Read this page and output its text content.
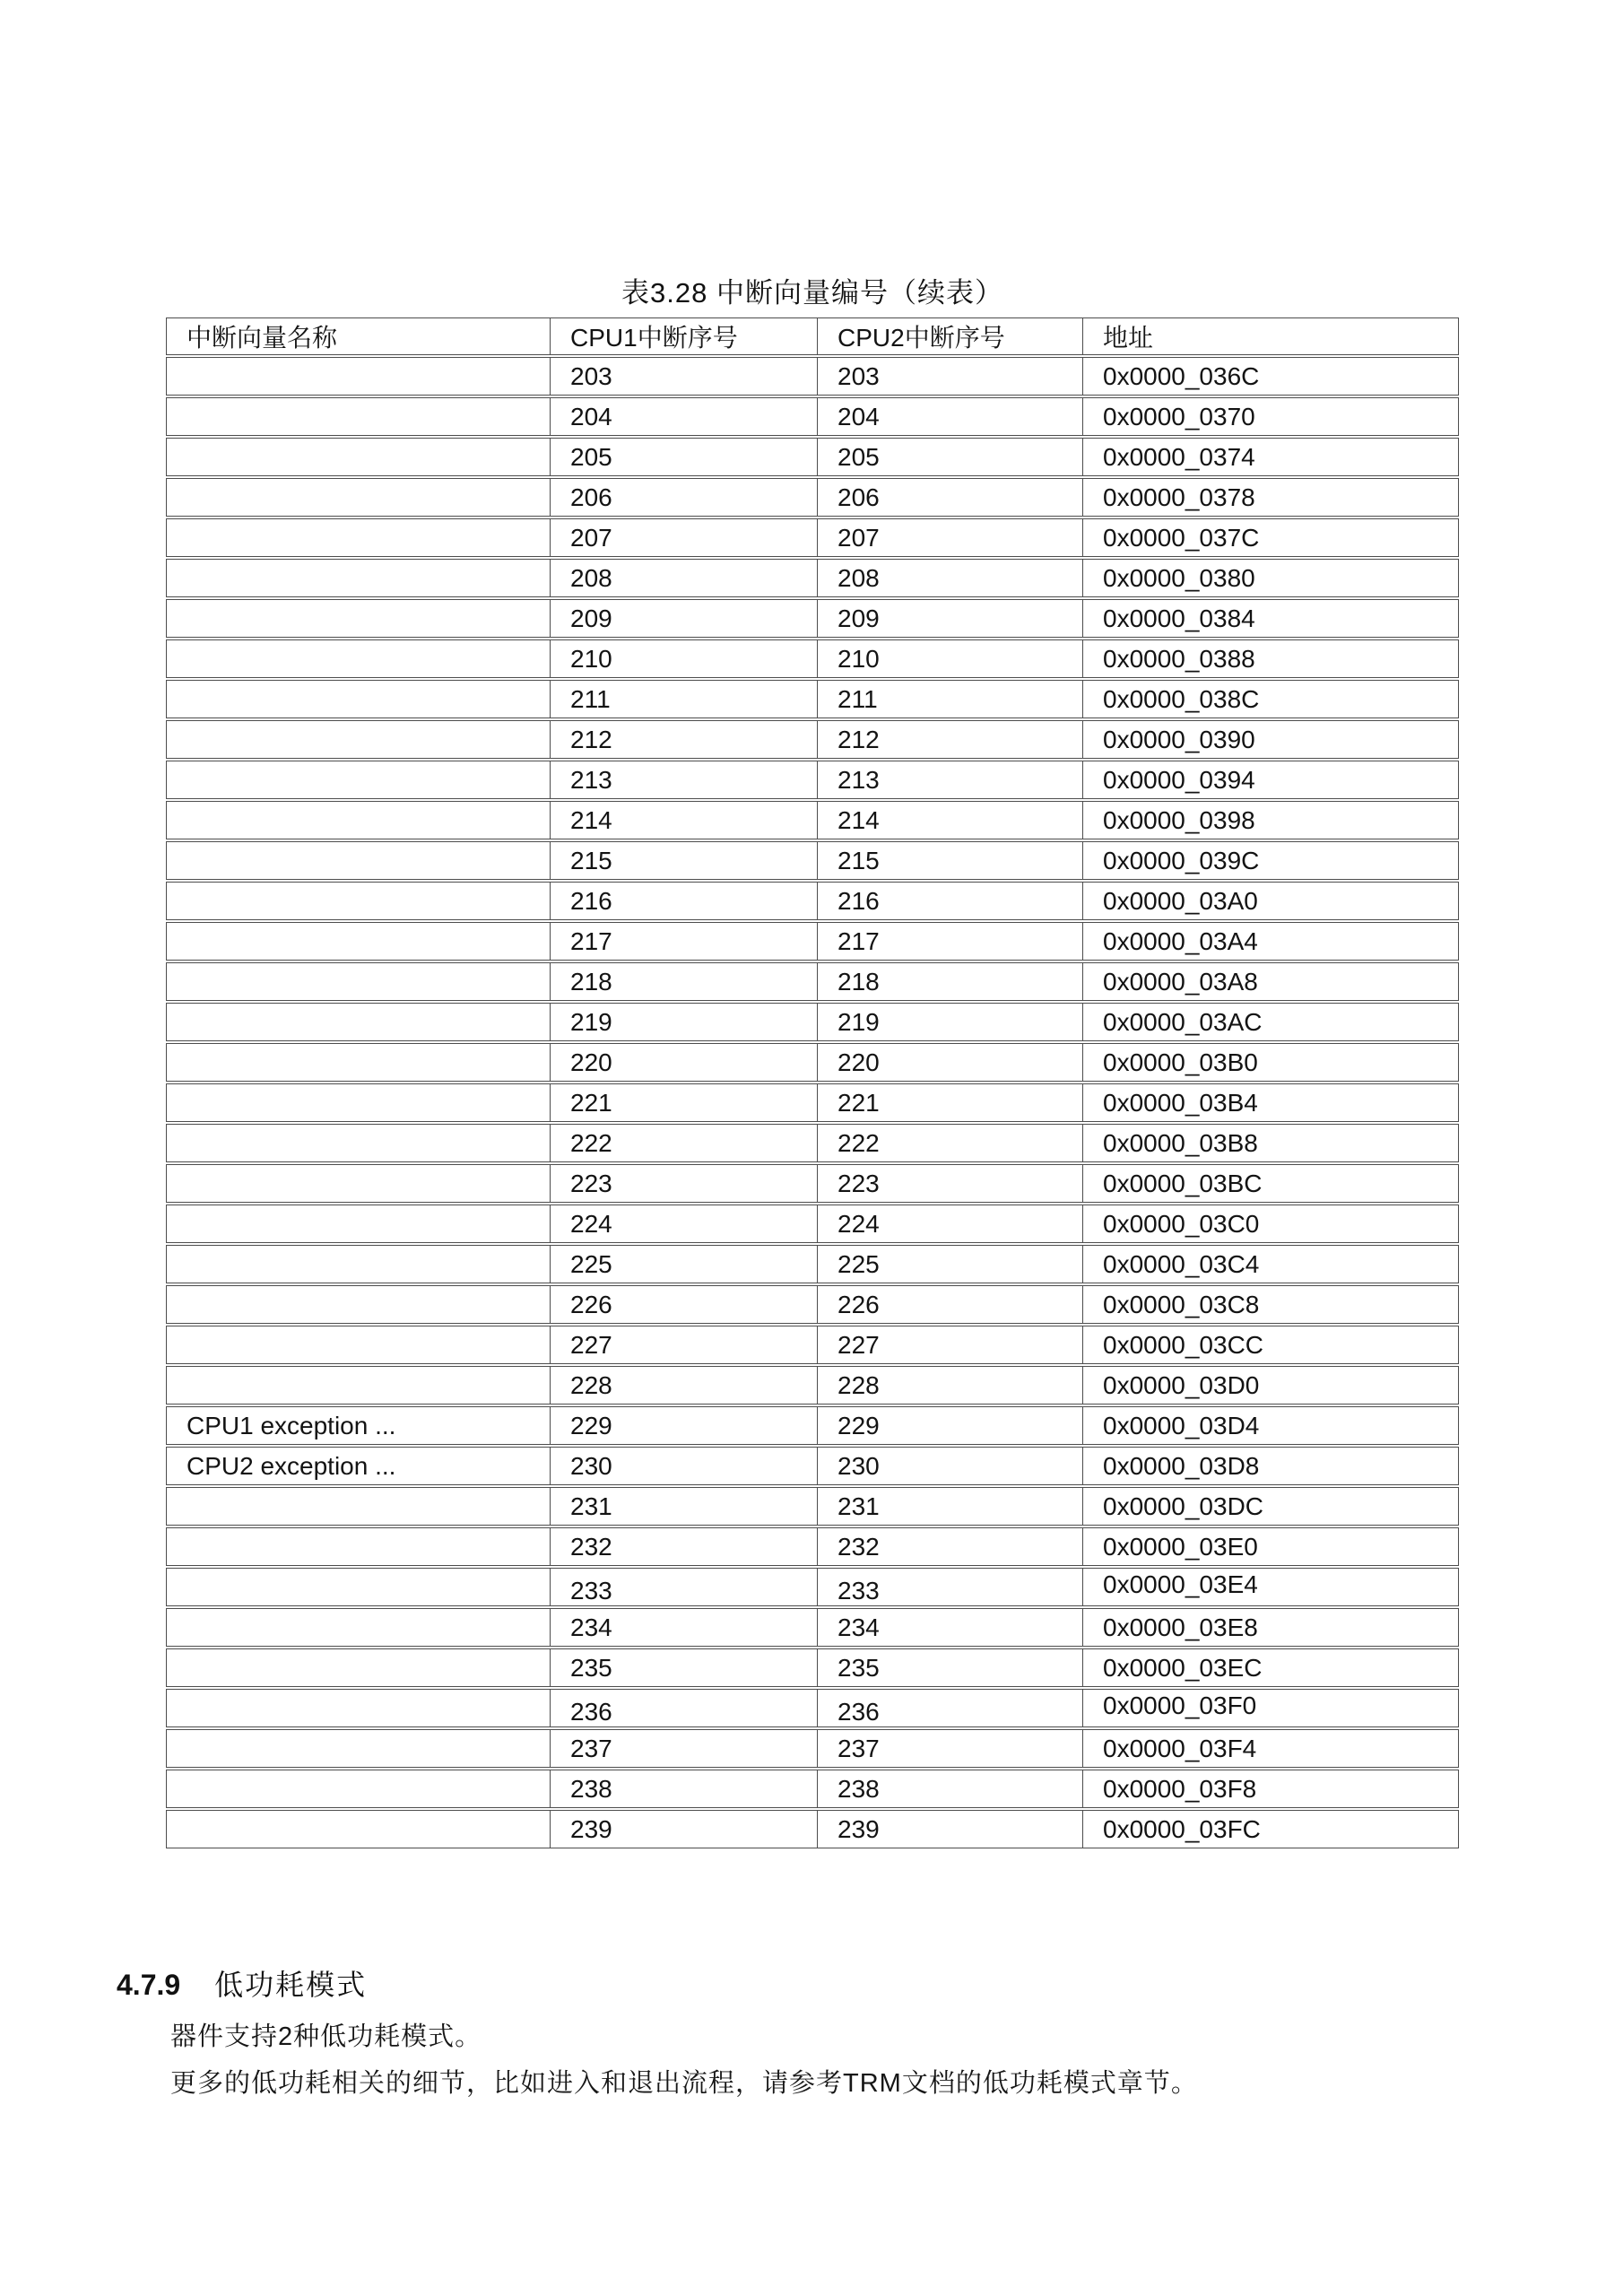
表3.28 中断向量编号（续表）
中断向量名称	CPU1中断序号	CPU2中断序号	地址
	203	203	0x0000_036C
	204	204	0x0000_0370
	205	205	0x0000_0374
	206	206	0x0000_0378
	207	207	0x0000_037C
	208	208	0x0000_0380
	209	209	0x0000_0384
	210	210	0x0000_0388
	211	211	0x0000_038C
	212	212	0x0000_0390
	213	213	0x0000_0394
	214	214	0x0000_0398
	215	215	0x0000_039C
	216	216	0x0000_03A0
	217	217	0x0000_03A4
	218	218	0x0000_03A8
	219	219	0x0000_03AC
	220	220	0x0000_03B0
	221	221	0x0000_03B4
	222	222	0x0000_03B8
	223	223	0x0000_03BC
	224	224	0x0000_03C0
	225	225	0x0000_03C4
	226	226	0x0000_03C8
	227	227	0x0000_03CC
	228	228	0x0000_03D0
CPU1 exception ...	229	229	0x0000_03D4
CPU2 exception ...	230	230	0x0000_03D8
	231	231	0x0000_03DC
	232	232	0x0000_03E0
	233	233	0x0000_03E4
	234	234	0x0000_03E8
	235	235	0x0000_03EC
	236	236	0x0000_03F0
	237	237	0x0000_03F4
	238	238	0x0000_03F8
	239	239	0x0000_03FC
4.7.9 低功耗模式
器件支持2种低功耗模式。
更多的低功耗相关的细节，比如进入和退出流程，请参考TRM文档的低功耗模式章节。
